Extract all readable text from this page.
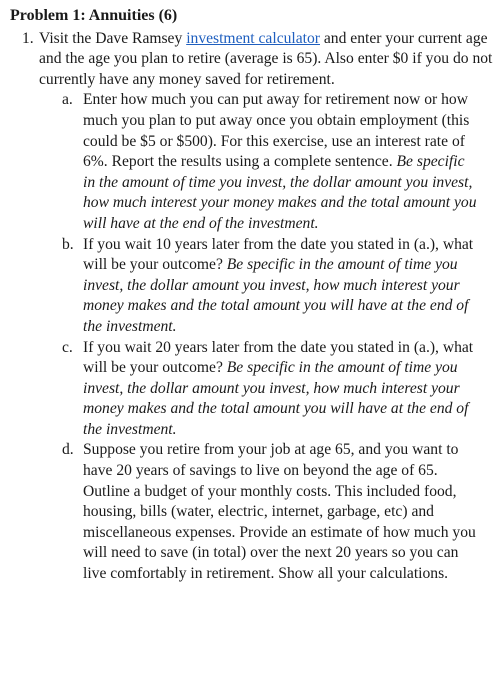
Problem 1: Annuities (6)
1. Visit the Dave Ramsey investment calculator and enter your current age and the age you plan to retire (average is 65). Also enter $0 if you do not currently have any money saved for retirement.
a. Enter how much you can put away for retirement now or how much you plan to put away once you obtain employment (this could be $5 or $500). For this exercise, use an interest rate of 6%. Report the results using a complete sentence. Be specific in the amount of time you invest, the dollar amount you invest, how much interest your money makes and the total amount you will have at the end of the investment.
b. If you wait 10 years later from the date you stated in (a.), what will be your outcome? Be specific in the amount of time you invest, the dollar amount you invest, how much interest your money makes and the total amount you will have at the end of the investment.
c. If you wait 20 years later from the date you stated in (a.), what will be your outcome? Be specific in the amount of time you invest, the dollar amount you invest, how much interest your money makes and the total amount you will have at the end of the investment.
d. Suppose you retire from your job at age 65, and you want to have 20 years of savings to live on beyond the age of 65. Outline a budget of your monthly costs. This included food, housing, bills (water, electric, internet, garbage, etc) and miscellaneous expenses. Provide an estimate of how much you will need to save (in total) over the next 20 years so you can live comfortably in retirement. Show all your calculations.
